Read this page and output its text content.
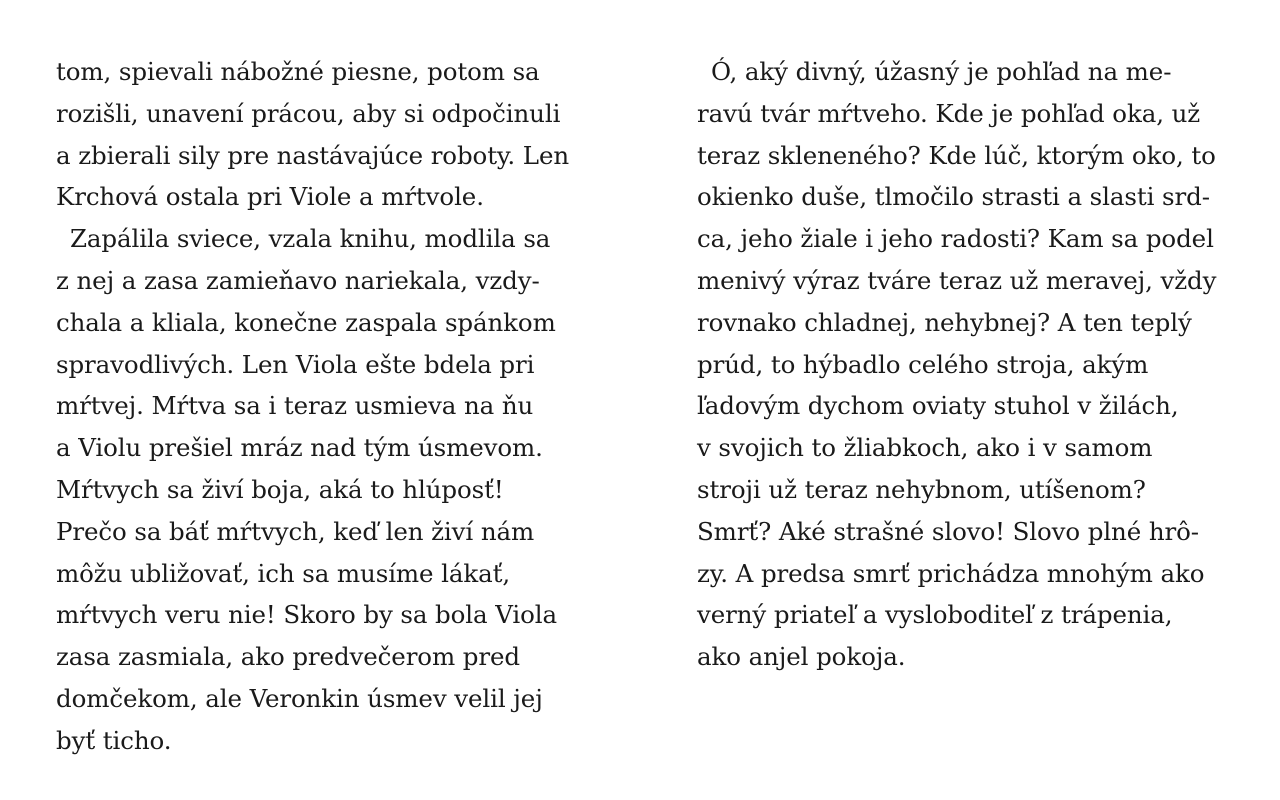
tom, spievali nábožné piesne, potom sa
rozišli, unavení prácou, aby si odpočinuli
a zbierali sily pre nastávajúce roboty. Len
Krchová ostala pri Viole a mŕtvole.
Zapálila sviece, vzala knihu, modlila sa
z nej a zasa zamieňavo nariekala, vzdy-
chala a kliala, konečne zaspala spánkom
spravodlivých. Len Viola ešte bdela pri
mŕtvej. Mŕtva sa i teraz usmieva na ňu
a Violu prešiel mráz nad tým úsmevom.
Mŕtvych sa živí boja, aká to hlúposť!
Prečo sa báť mŕtvych, keď len živí nám
môžu ubližovať, ich sa musíme lákať,
mŕtvych veru nie! Skoro by sa bola Viola
zasa zasmiala, ako predvečerom pred
domčekom, ale Veronkin úsmev velil jej
byť ticho.
Ó, aký divný, úžasný je pohľad na me-
ravú tvár mŕtveho. Kde je pohľad oka, už
teraz skleneného? Kde lúč, ktorým oko, to
okienko duše, tlmočilo strasti a slasti srd-
ca, jeho žiale i jeho radosti? Kam sa podel
menivý výraz tváre teraz už meravej, vždy
rovnako chladnej, nehybnej? A ten teplý
prúd, to hýbadlo celého stroja, akým
ľadovým dychom oviaty stuhol v žilách,
v svojich to žliabkoch, ako i v samom
stroji už teraz nehybnom, utíšenom?
Smrť? Aké strašné slovo! Slovo plné hrô-
zy. A predsa smrť prichádza mnohým ako
verný priateľ a vysloboditeľ z trápenia,
ako anjel pokoja.
